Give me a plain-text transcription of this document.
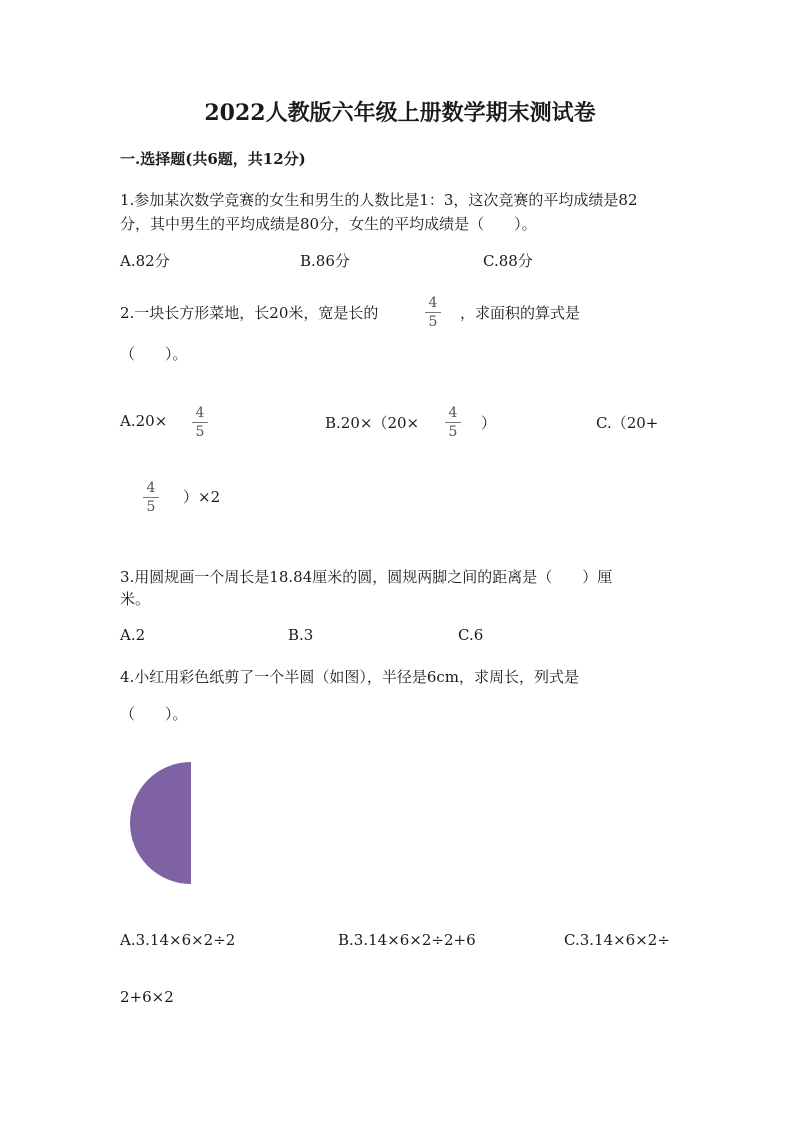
2022人教版六年级上册数学期末测试卷
一.选择题(共6题，共12分)
1.参加某次数学竞赛的女生和男生的人数比是1：3，这次竞赛的平均成绩是82
分，其中男生的平均成绩是80分，女生的平均成绩是（　　）。
A.82分	B.86分	C.88分
2.一块长方形菜地，长20米，宽是长的
4
5	，求面积的算式是
（　　）。
A.20×	4
5	B.20×（20×
4
5	）	C.（20+
4
5
）×2
3.用圆规画一个周长是18.84厘米的圆，圆规两脚之间的距离是（　　）厘
米。
A.2	B.3	C.6
4.小红用彩色纸剪了一个半圆（如图），半径是6cm，求周长，列式是
（　　）。
A.3.14×6×2÷2	B.3.14×6×2÷2+6	C.3.14×6×2÷
2+6×2
